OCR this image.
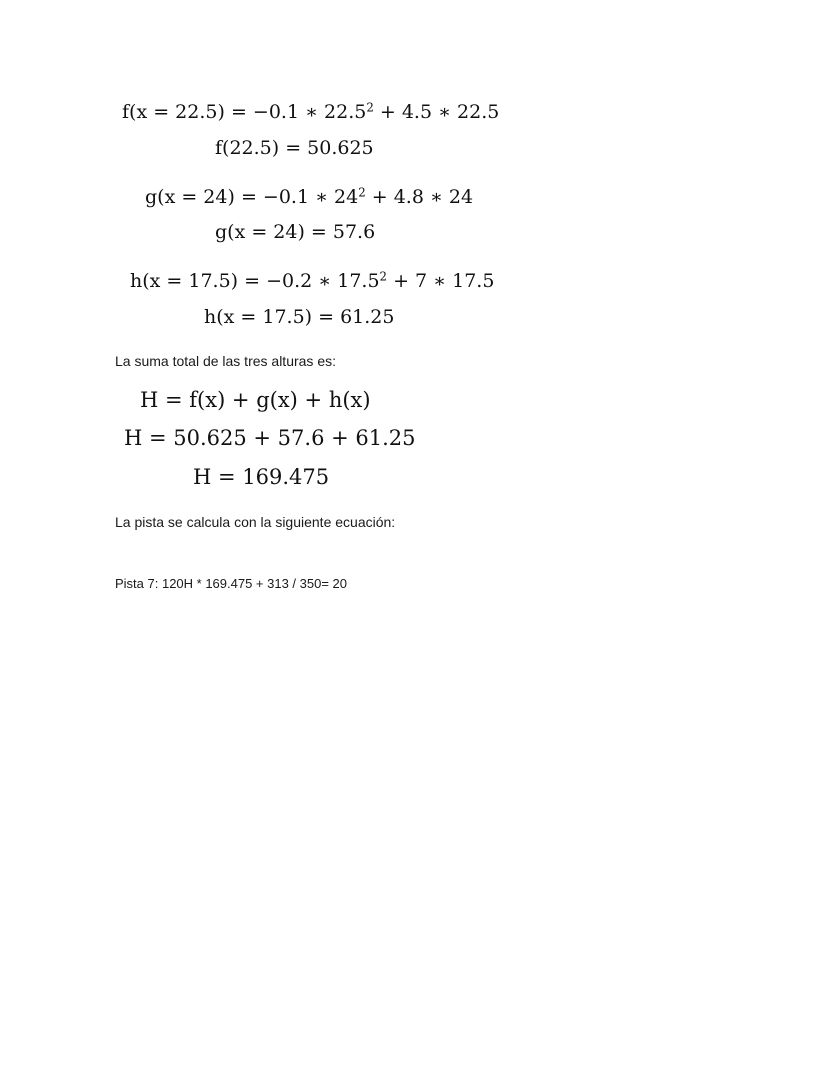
f(x = 22.5) = −0.1 ∗ $22.5^2 + 4.5$ ∗ 22.5
f(22.5) = 50.625
g(x = 24) = −0.1 ∗ $24^2 + 4.8$ ∗ 24
g(x = 24) = 57.6
h(x = 17.5) = −0.2 ∗ $17.5^2 + 7$ ∗ 17.5
h(x = 17.5) = 61.25
La suma total de las tres alturas es:
H = f(x) + g(x) + h(x)
H = 50.625 + 57.6 + 61.25
H = 169.475
La pista se calcula con la siguiente ecuación:
Pista 7: 120H * 169.475 + 313 / 350= 20
